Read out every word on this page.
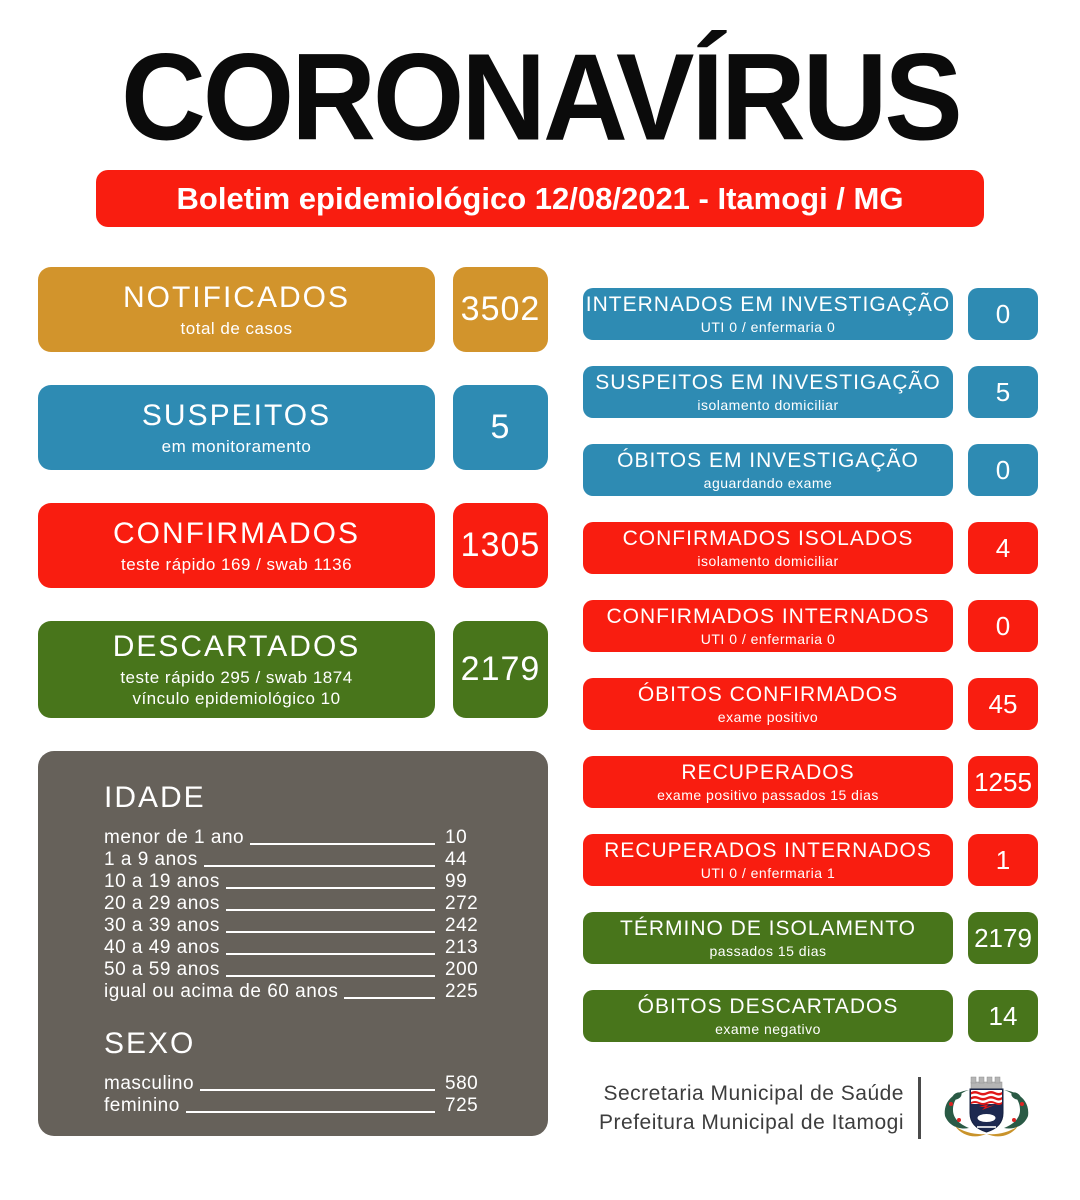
CORONAVÍRUS
Boletim epidemiológico 12/08/2021 - Itamogi / MG
NOTIFICADOS
total de casos	3502
SUSPEITOS
em monitoramento	5
CONFIRMADOS
teste rápido 169 / swab 1136	1305
DESCARTADOS
teste rápido 295 / swab 1874
vínculo epidemiológico 10
2179
IDADE
menor de 1 ano	10
1 a 9 anos	44
10 a 19 anos	99
20 a 29 anos	272
30 a 39 anos	242
40 a 49 anos	213
50 a 59 anos	200
igual ou acima de 60 anos	225
SEXO
masculino	580
feminino	725
INTERNADOS EM INVESTIGAÇÃO
UTI 0 / enfermaria 0	0
SUSPEITOS EM INVESTIGAÇÃO
isolamento domiciliar	5
ÓBITOS EM INVESTIGAÇÃO
aguardando exame	0
CONFIRMADOS ISOLADOS
isolamento domiciliar	4
CONFIRMADOS INTERNADOS
UTI 0 / enfermaria 0	0
ÓBITOS CONFIRMADOS
exame positivo	45
RECUPERADOS
exame positivo passados 15 dias	1255
RECUPERADOS INTERNADOS
UTI 0 / enfermaria 1	1
TÉRMINO DE ISOLAMENTO
passados 15 dias	2179
ÓBITOS DESCARTADOS
exame negativo	14
Secretaria Municipal de Saúde
Prefeitura Municipal de Itamogi
